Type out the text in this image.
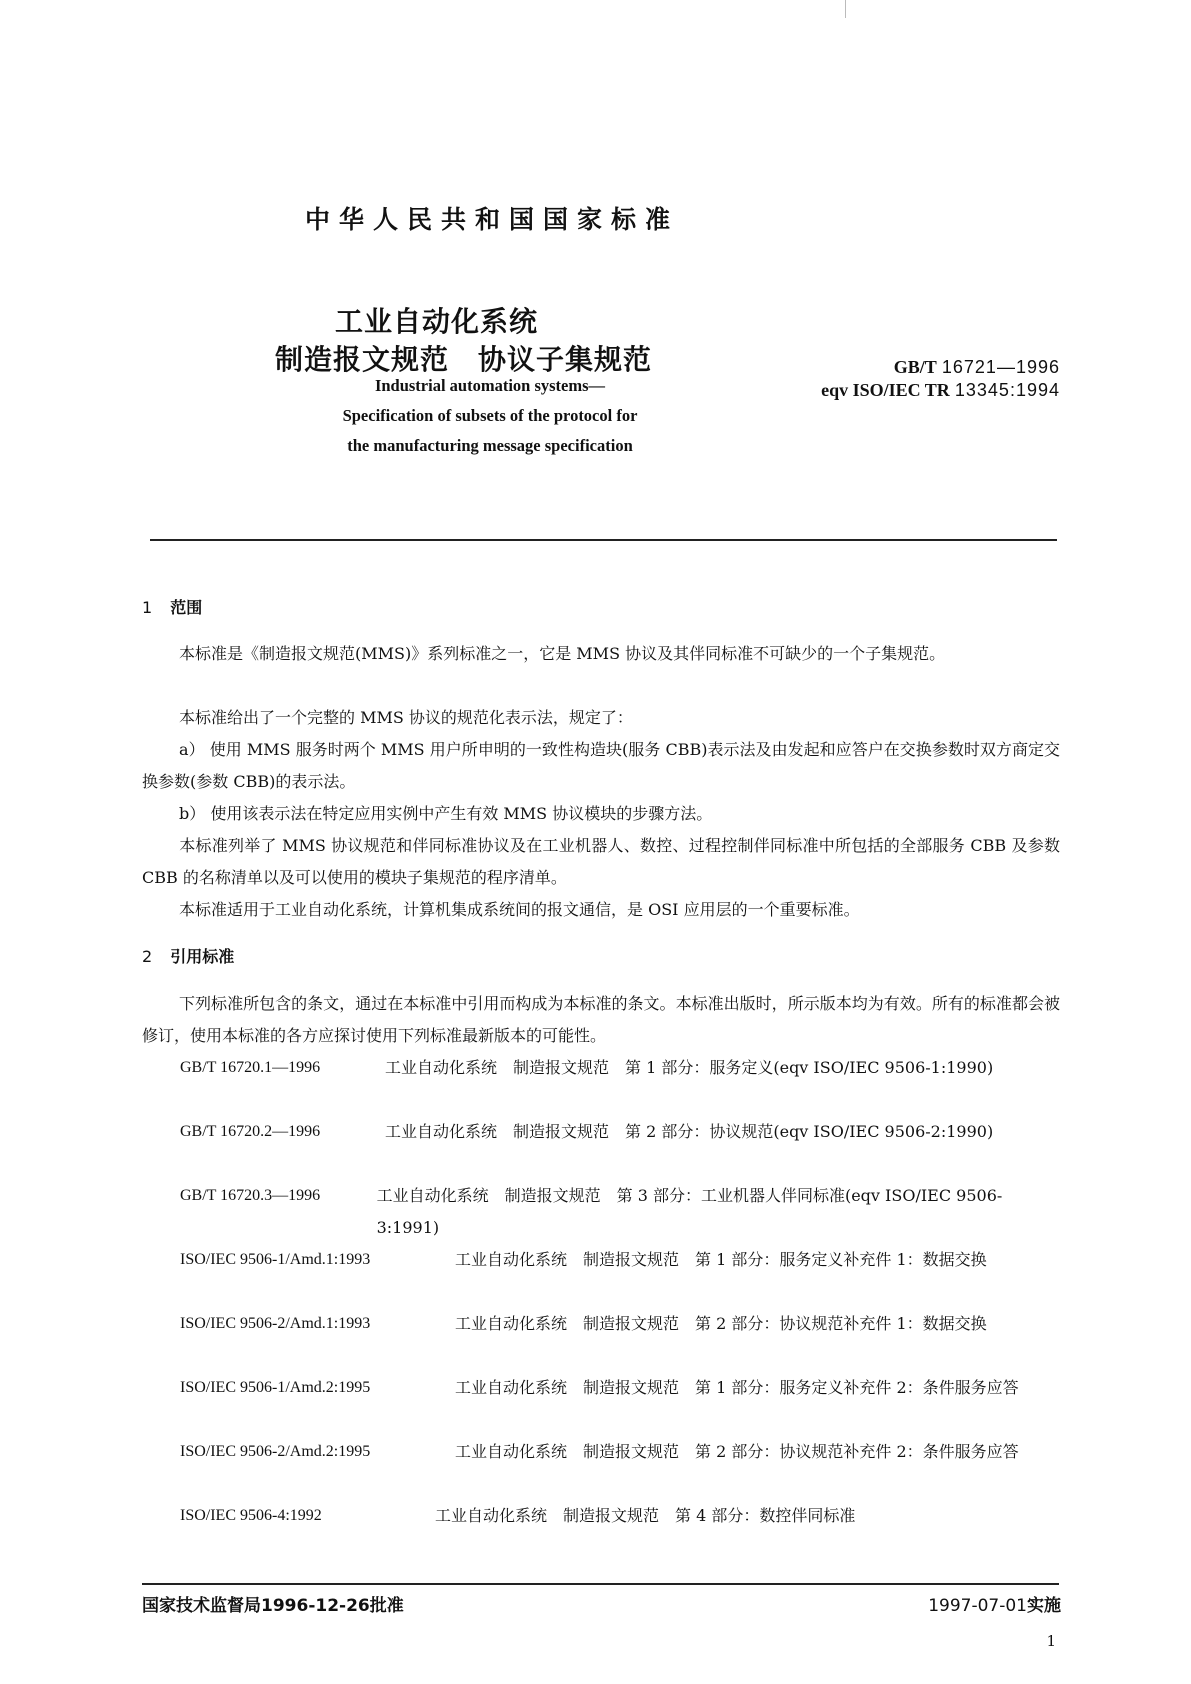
中华人民共和国国家标准
工业自动化系统
制造报文规范　协议子集规范	GB/T 16721—1996
eqv ISO/IEC TR 13345:1994
Industrial automation systems—
Specification of subsets of the protocol for
the manufacturing message specification
1 范围
本标准是《制造报文规范(MMS)》系列标准之一，它是 MMS 协议及其伴同标准不可缺少的一个子集规范。
本标准给出了一个完整的 MMS 协议的规范化表示法，规定了：
a） 使用 MMS 服务时两个 MMS 用户所申明的一致性构造块(服务 CBB)表示法及由发起和应答户在交换参数时双方商定交换参数(参数 CBB)的表示法。
b） 使用该表示法在特定应用实例中产生有效 MMS 协议模块的步骤方法。
本标准列举了 MMS 协议规范和伴同标准协议及在工业机器人、数控、过程控制伴同标准中所包括的全部服务 CBB 及参数 CBB 的名称清单以及可以使用的模块子集规范的程序清单。
本标准适用于工业自动化系统，计算机集成系统间的报文通信，是 OSI 应用层的一个重要标准。
2 引用标准
下列标准所包含的条文，通过在本标准中引用而构成为本标准的条文。本标准出版时，所示版本均为有效。所有的标准都会被修订，使用本标准的各方应探讨使用下列标准最新版本的可能性。
GB/T 16720.1—1996	工业自动化系统　制造报文规范　第 1 部分：服务定义(eqv ISO/IEC 9506-1:1990)
GB/T 16720.2—1996	工业自动化系统　制造报文规范　第 2 部分：协议规范(eqv ISO/IEC 9506-2:1990)
GB/T 16720.3—1996	工业自动化系统　制造报文规范　第 3 部分：工业机器人伴同标准(eqv ISO/IEC 9506-3:1991)
ISO/IEC 9506-1/Amd.1:1993	工业自动化系统　制造报文规范　第 1 部分：服务定义补充件 1：数据交换
ISO/IEC 9506-2/Amd.1:1993	工业自动化系统　制造报文规范　第 2 部分：协议规范补充件 1：数据交换
ISO/IEC 9506-1/Amd.2:1995	工业自动化系统　制造报文规范　第 1 部分：服务定义补充件 2：条件服务应答
ISO/IEC 9506-2/Amd.2:1995	工业自动化系统　制造报文规范　第 2 部分：协议规范补充件 2：条件服务应答
ISO/IEC 9506-4:1992	工业自动化系统　制造报文规范　第 4 部分：数控伴同标准
国家技术监督局1996-12-26批准	1997-07-01实施
1
